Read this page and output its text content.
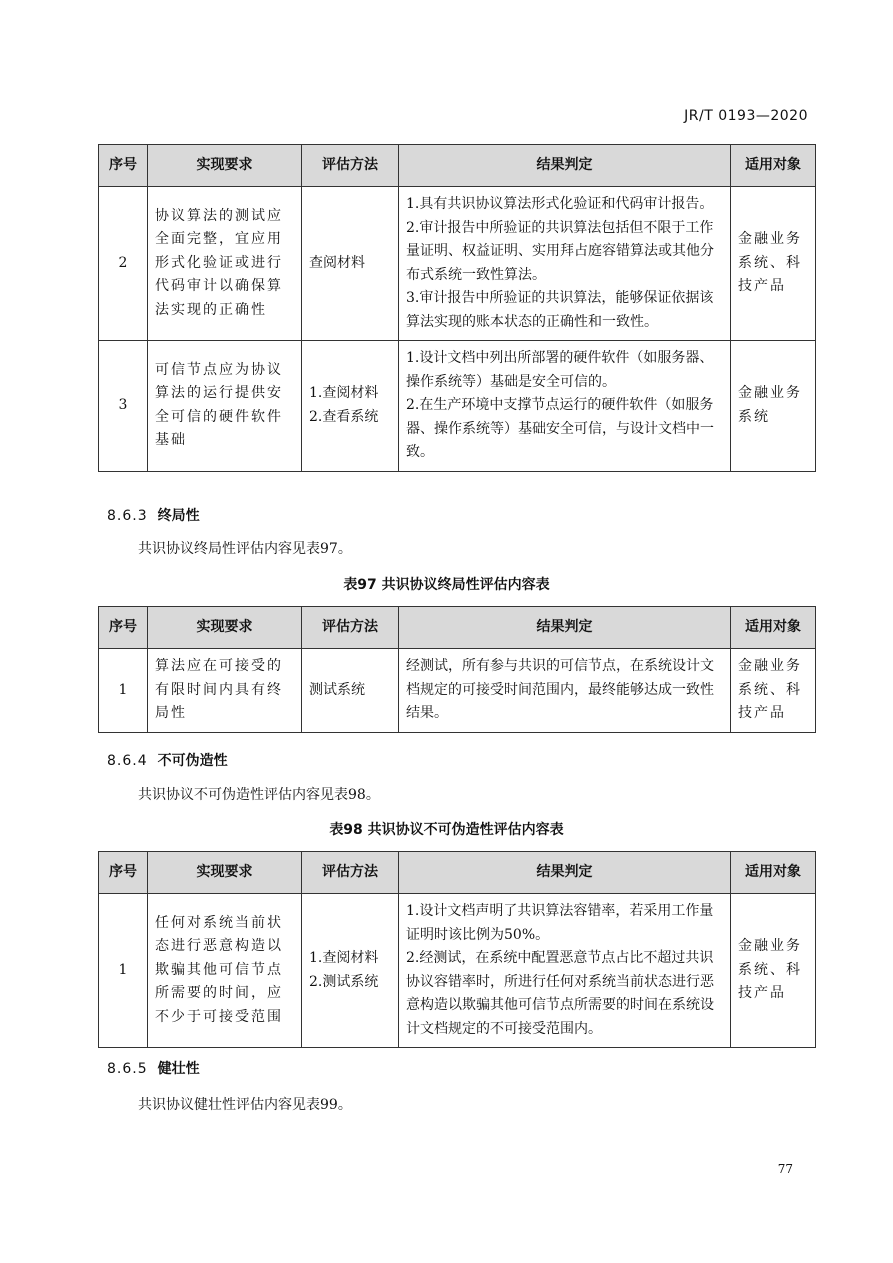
JR/T 0193—2020
序号	实现要求	评估方法	结果判定	适用对象
2	协议算法的测试应全面完整，宜应用形式化验证或进行代码审计以确保算法实现的正确性	查阅材料	1.具有共识协议算法形式化验证和代码审计报告。
2.审计报告中所验证的共识算法包括但不限于工作量证明、权益证明、实用拜占庭容错算法或其他分布式系统一致性算法。
3.审计报告中所验证的共识算法，能够保证依据该算法实现的账本状态的正确性和一致性。	金融业务系统、科技产品
3	可信节点应为协议算法的运行提供安全可信的硬件软件基础	1.查阅材料
2.查看系统	1.设计文档中列出所部署的硬件软件（如服务器、操作系统等）基础是安全可信的。
2.在生产环境中支撑节点运行的硬件软件（如服务器、操作系统等）基础安全可信，与设计文档中一致。	金融业务系统
8.6.3 终局性
共识协议终局性评估内容见表97。
表97 共识协议终局性评估内容表
序号	实现要求	评估方法	结果判定	适用对象
1	算法应在可接受的有限时间内具有终局性	测试系统	经测试，所有参与共识的可信节点，在系统设计文档规定的可接受时间范围内，最终能够达成一致性结果。	金融业务系统、科技产品
8.6.4 不可伪造性
共识协议不可伪造性评估内容见表98。
表98 共识协议不可伪造性评估内容表
序号	实现要求	评估方法	结果判定	适用对象
1	任何对系统当前状态进行恶意构造以欺骗其他可信节点所需要的时间，应不少于可接受范围	1.查阅材料
2.测试系统	1.设计文档声明了共识算法容错率，若采用工作量证明时该比例为50%。
2.经测试，在系统中配置恶意节点占比不超过共识协议容错率时，所进行任何对系统当前状态进行恶意构造以欺骗其他可信节点所需要的时间在系统设计文档规定的不可接受范围内。	金融业务系统、科技产品
8.6.5 健壮性
共识协议健壮性评估内容见表99。
77
